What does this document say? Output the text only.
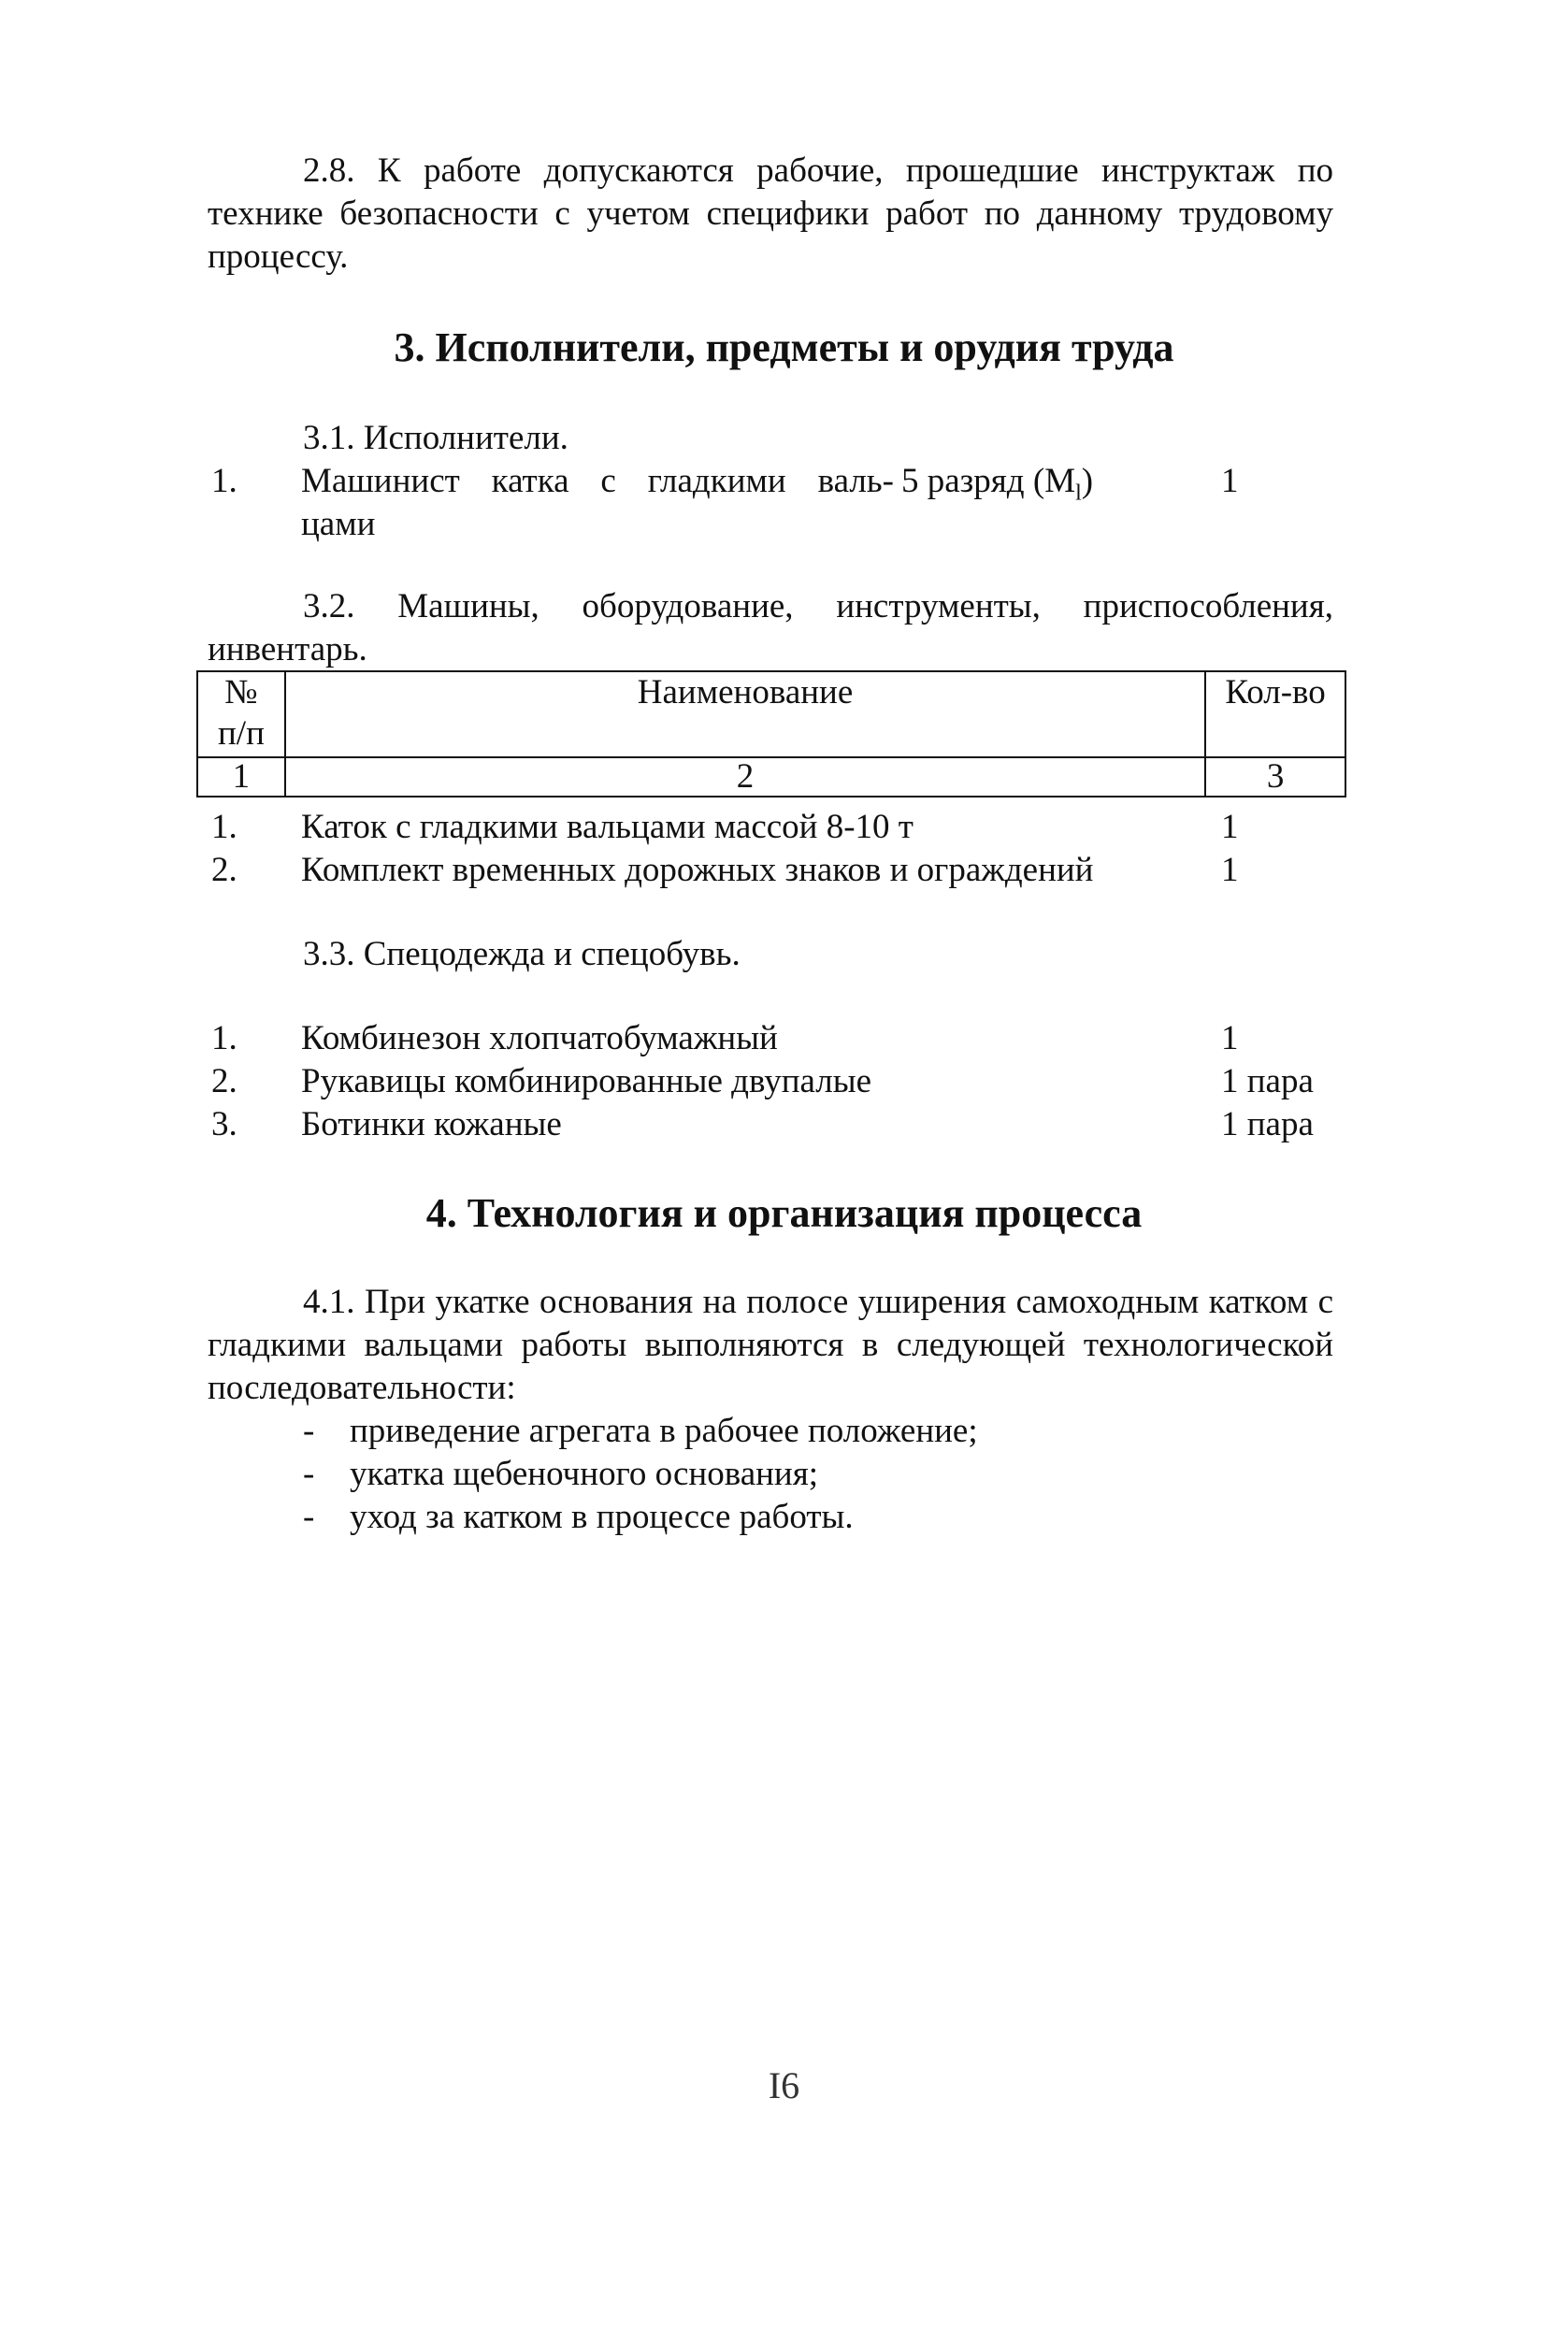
2.8. К работе допускаются рабочие, прошедшие инструктаж по технике безопасности с учетом специфики работ по данному трудовому процессу.

3. Исполнители, предметы и орудия труда
3.1. Исполнители.
1. Машинист катка с гладкими валь-
цами
5 разряд $(М_l)$	1

3.2. Машины, оборудование, инструменты, приспособления, инвентарь.

№
п/п	Наименование	Кол-во
1	2	3
1. Каток с гладкими вальцами массой 8-10 т	1
2. Комплект временных дорожных знаков и ограждений	1
3.3. Спецодежда и спецобувь.
1. Комбинезон хлопчатобумажный	1
2. Рукавицы комбинированные двупалые	1 пара
3. Ботинки кожаные	1 пара
4. Технология и организация процесса

4.1. При укатке основания на полосе уширения самоходным катком с гладкими вальцами работы выполняются в следующей технологической последовательности:

- приведение агрегата в рабочее положение;
- укатка щебеночного основания;
- уход за катком в процессе работы.
I6
